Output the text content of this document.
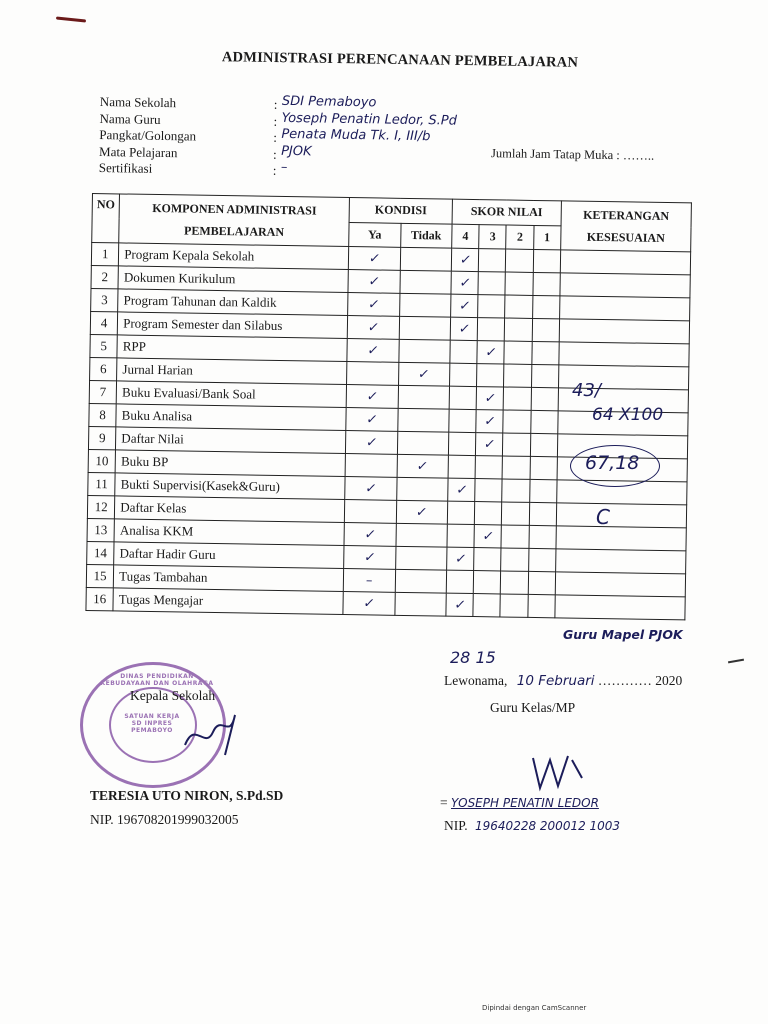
ADMINISTRASI PERENCANAAN PEMBELAJARAN
Nama Sekolah	: SDI Pemaboyo
Nama Guru	: Yoseph Penatin Ledor, S.Pd
Pangkat/Golongan	: Penata Muda Tk. I, III/b
Mata Pelajaran	: PJOK	Jumlah Jam Tatap Muka : ……..
Sertifikasi	: –
NO	KOMPONEN ADMINISTRASI PEMBELAJARAN	KONDISI		SKOR NILAI				KETERANGAN KESESUAIAN
		Ya	Tidak	4	3	2	1	
1	Program Kepala Sekolah	✓		✓				
2	Dokumen Kurikulum	✓		✓				
3	Program Tahunan dan Kaldik	✓		✓				
4	Program Semester dan Silabus	✓		✓				
5	RPP	✓			✓			
6	Jurnal Harian		✓					
7	Buku Evaluasi/Bank Soal	✓			✓			
8	Buku Analisa	✓			✓			
9	Daftar Nilai	✓			✓			
10	Buku BP		✓					
11	Bukti Supervisi(Kasek&Guru)	✓		✓				
12	Daftar Kelas		✓					
13	Analisa KKM	✓			✓			
14	Daftar Hadir Guru	✓		✓				
15	Tugas Tambahan	–						
16	Tugas Mengajar	✓		✓				
43/
64 X100
67,18
C
Guru Mapel PJOK
28 15
Lewonama, 10 Februari ………… 2020
DINAS PENDIDIKAN KEBUDAYAAN DAN OLAHRAGA
SATUAN KERJA SD INPRES PEMABOYO
Kepala Sekolah
TERESIA UTO NIRON, S.Pd.SD
NIP. 196708201999032005
Guru Kelas/MP
= YOSEPH PENATIN LEDOR
NIP. 19640228 200012 1003
Dipindai dengan CamScanner
